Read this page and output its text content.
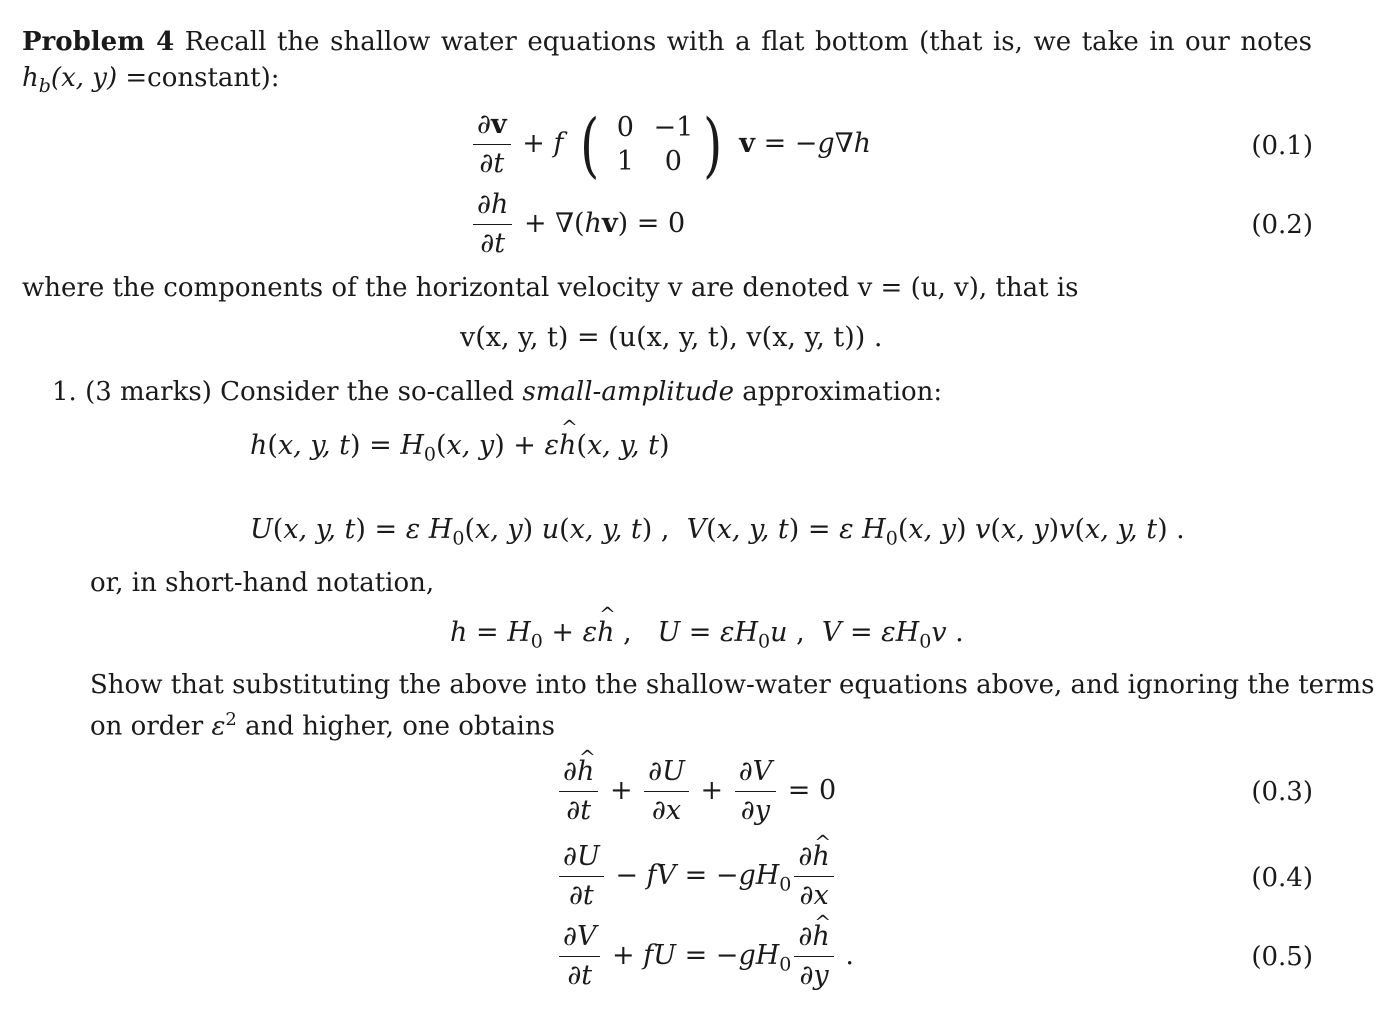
Problem 4 Recall the shallow water equations with a flat bottom (that is, we take in our notes
$h_b(x$, y) =constant):
$\frac{\partial v}{\partial t} + f$ ( 0 −1
1	0 ) v = −g∇h	(0.1)
$\frac{\partial h}{\partial t} + \nabla(hv) = 0$	(0.2)
where the components of the horizontal velocity v are denoted v = (u, v), that is
v(x, y, t) = (u(x, y, t), v(x, y, t)) .
1. (3 marks) Consider the so-called small-amplitude approximation:
h(x, y, $t) = H_0(x$, y) + ε^ h(x, y, t)
U(x, y, t) = ε $H_0(x$, y) u(x, y, t) ,  V(x, y, t) = ε $H_0(x$, y) v(x, y)v(x, y, t) .
or, in short-hand notation,
$h = H_0$ + ε^ h ,   $U = \varepsilon H_0u$ ,  $V = \varepsilon H_0v$ .
Show that substituting the above into the shallow-water equations above, and ignoring the terms
on order $\varepsilon^2$ and higher, one obtains
$\frac{\partial\^{} h}{\partial t} + \frac{\partial U}{\partial x} + \frac{\partial V}{\partial y} = 0$	(0.3)
$\frac{\partial U}{\partial t}$ − fV = $-gH_0 \frac{\partial\^{} h}{\partial x}$	(0.4)
$\frac{\partial V}{\partial t}$ + fU = $-gH_0 \frac{\partial\^{} h}{\partial y}$ .	(0.5)
